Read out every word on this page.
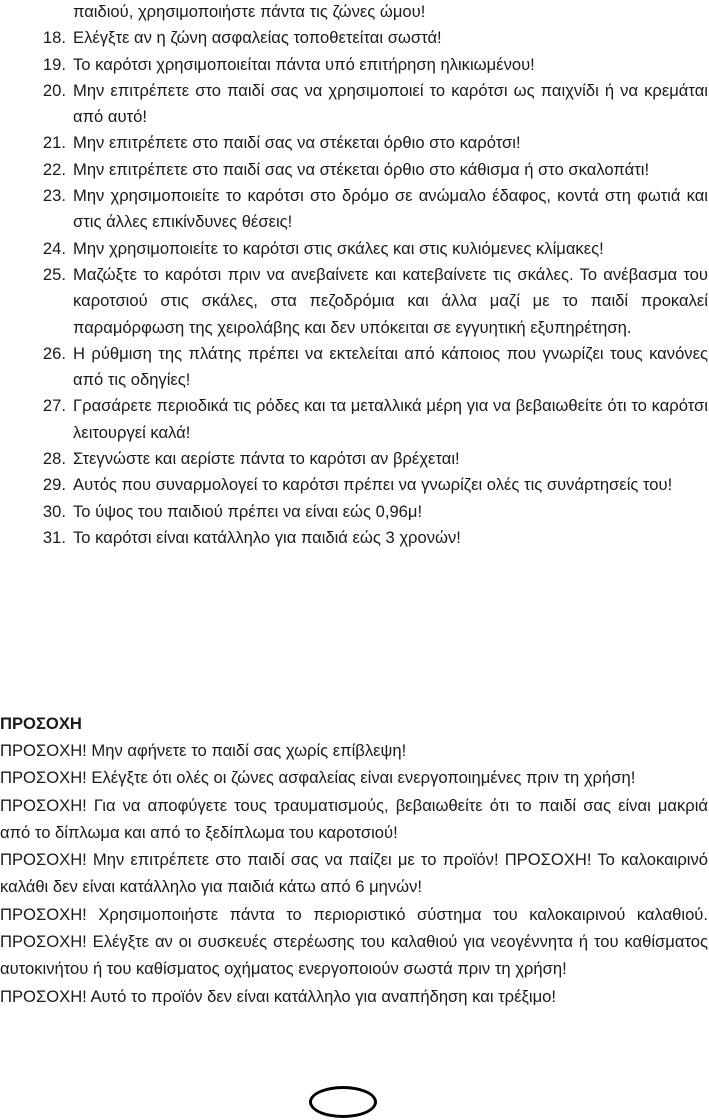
παιδιού, χρησιμοποιήστε πάντα τις ζώνες ώμου!
18. Ελέγξτε αν η ζώνη ασφαλείας τοποθετείται σωστά!
19. Το καρότσι χρησιμοποιείται πάντα υπό επιτήρηση ηλικιωμένου!
20. Μην επιτρέπετε στο παιδί σας να χρησιμοποιεί το καρότσι ως παιχνίδι ή να κρεμάται από αυτό!
21. Μην επιτρέπετε στο παιδί σας να στέκεται όρθιο στο καρότσι!
22. Μην επιτρέπετε στο παιδί σας να στέκεται όρθιο στο κάθισμα ή στο σκαλοπάτι!
23. Μην χρησιμοποιείτε το καρότσι στο δρόμο σε ανώμαλο έδαφος, κοντά στη φωτιά και στις άλλες επικίνδυνες θέσεις!
24. Μην χρησιμοποιείτε το καρότσι στις σκάλες και στις κυλιόμενες κλίμακες!
25. Μαζώξτε το καρότσι πριν να ανεβαίνετε και κατεβαίνετε τις σκάλες. Το ανέβασμα του καροτσιού στις σκάλες, στα πεζοδρόμια και άλλα μαζί με το παιδί προκαλεί παραμόρφωση της χειρολάβης και δεν υπόκειται σε εγγυητική εξυπηρέτηση.
26. Η ρύθμιση της πλάτης πρέπει να εκτελείται από κάποιος που γνωρίζει τους κανόνες από τις οδηγίες!
27. Γρασάρετε περιοδικά τις ρόδες και τα μεταλλικά μέρη για να βεβαιωθείτε ότι το καρότσι λειτουργεί καλά!
28. Στεγνώστε και αερίστε πάντα το καρότσι αν βρέχεται!
29. Αυτός που συναρμολογεί το καρότσι πρέπει να γνωρίζει ολές τις συνάρτησείς του!
30. Το ύψος του παιδιού πρέπει να είναι εώς 0,96μ!
31. Το καρότσι είναι κατάλληλο για παιδιά εώς 3 χρονών!
ΠΡΟΣΟΧΗ

ΠΡΟΣΟΧΗ! Μην αφήνετε το παιδί σας χωρίς επίβλεψη!

ΠΡΟΣΟΧΗ! Ελέγξτε ότι ολές οι ζώνες ασφαλείας είναι ενεργοποιημένες πριν τη χρήση!

ΠΡΟΣΟΧΗ! Για να αποφύγετε τους τραυματισμούς, βεβαιωθείτε ότι το παιδί σας είναι μακριά από το δίπλωμα και από το ξεδίπλωμα του καροτσιού!

ΠΡΟΣΟΧΗ! Μην επιτρέπετε στο παιδί σας να παίζει με το προϊόν! ΠΡΟΣΟΧΗ! Το καλοκαιρινό καλάθι δεν είναι κατάλληλο για παιδιά κάτω από 6 μηνών!

ΠΡΟΣΟΧΗ! Χρησιμοποιήστε πάντα το περιοριστικό σύστημα του καλοκαιρινού καλαθιού. ΠΡΟΣΟΧΗ! Ελέγξτε αν οι συσκευές στερέωσης του καλαθιού για νεογέννητα ή του καθίσματος αυτοκινήτου ή του καθίσματος οχήματος ενεργοποιούν σωστά πριν τη χρήση!

ΠΡΟΣΟΧΗ! Αυτό το προϊόν δεν είναι κατάλληλο για αναπήδηση και τρέξιμο!
